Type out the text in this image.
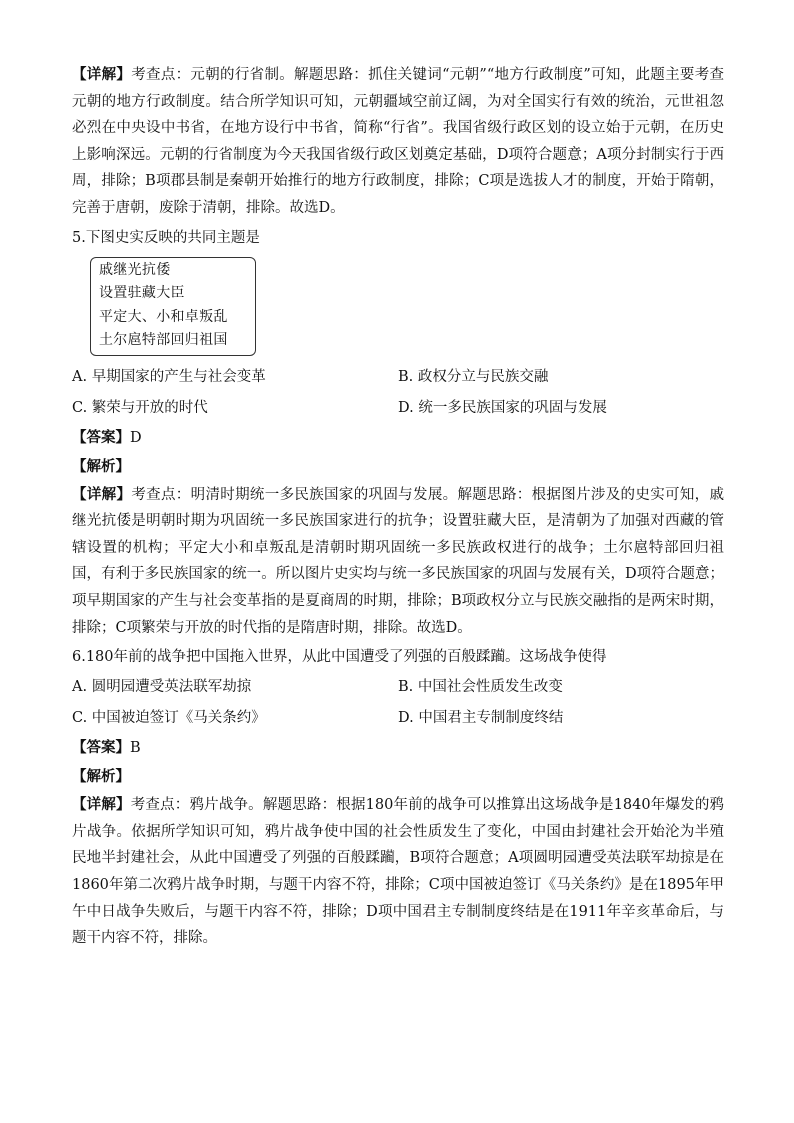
【详解】考查点：元朝的行省制。解题思路：抓住关键词“元朝”“地方行政制度”可知，此题主要考查元朝的地方行政制度。结合所学知识可知，元朝疆域空前辽阔，为对全国实行有效的统治，元世祖忽必烈在中央设中书省，在地方设行中书省，简称“行省”。我国省级行政区划的设立始于元朝，在历史上影响深远。元朝的行省制度为今天我国省级行政区划奠定基础，D项符合题意；A项分封制实行于西周，排除；B项郡县制是秦朝开始推行的地方行政制度，排除；C项是选拔人才的制度，开始于隋朝，完善于唐朝，废除于清朝，排除。故选D。

5.下图史实反映的共同主题是

戚继光抗倭
设置驻藏大臣
平定大、小和卓叛乱
土尔扈特部回归祖国
A. 早期国家的产生与社会变革	B. 政权分立与民族交融
C. 繁荣与开放的时代	D. 统一多民族国家的巩固与发展

【答案】D

【解析】

【详解】考查点：明清时期统一多民族国家的巩固与发展。解题思路：根据图片涉及的史实可知，戚继光抗倭是明朝时期为巩固统一多民族国家进行的抗争；设置驻藏大臣，是清朝为了加强对西藏的管辖设置的机构；平定大小和卓叛乱是清朝时期巩固统一多民族政权进行的战争；土尔扈特部回归祖国，有利于多民族国家的统一。所以图片史实均与统一多民族国家的巩固与发展有关，D项符合题意；项早期国家的产生与社会变革指的是夏商周的时期，排除；B项政权分立与民族交融指的是两宋时期，排除；C项繁荣与开放的时代指的是隋唐时期，排除。故选D。

6.180年前的战争把中国拖入世界，从此中国遭受了列强的百般蹂躏。这场战争使得

A. 圆明园遭受英法联军劫掠	B. 中国社会性质发生改变
C. 中国被迫签订《马关条约》	D. 中国君主专制制度终结

【答案】B

【解析】

【详解】考查点：鸦片战争。解题思路：根据180年前的战争可以推算出这场战争是1840年爆发的鸦片战争。依据所学知识可知，鸦片战争使中国的社会性质发生了变化，中国由封建社会开始沦为半殖民地半封建社会，从此中国遭受了列强的百般蹂躏，B项符合题意；A项圆明园遭受英法联军劫掠是在1860年第二次鸦片战争时期，与题干内容不符，排除；C项中国被迫签订《马关条约》是在1895年甲午中日战争失败后，与题干内容不符，排除；D项中国君主专制制度终结是在1911年辛亥革命后，与题干内容不符，排除。
